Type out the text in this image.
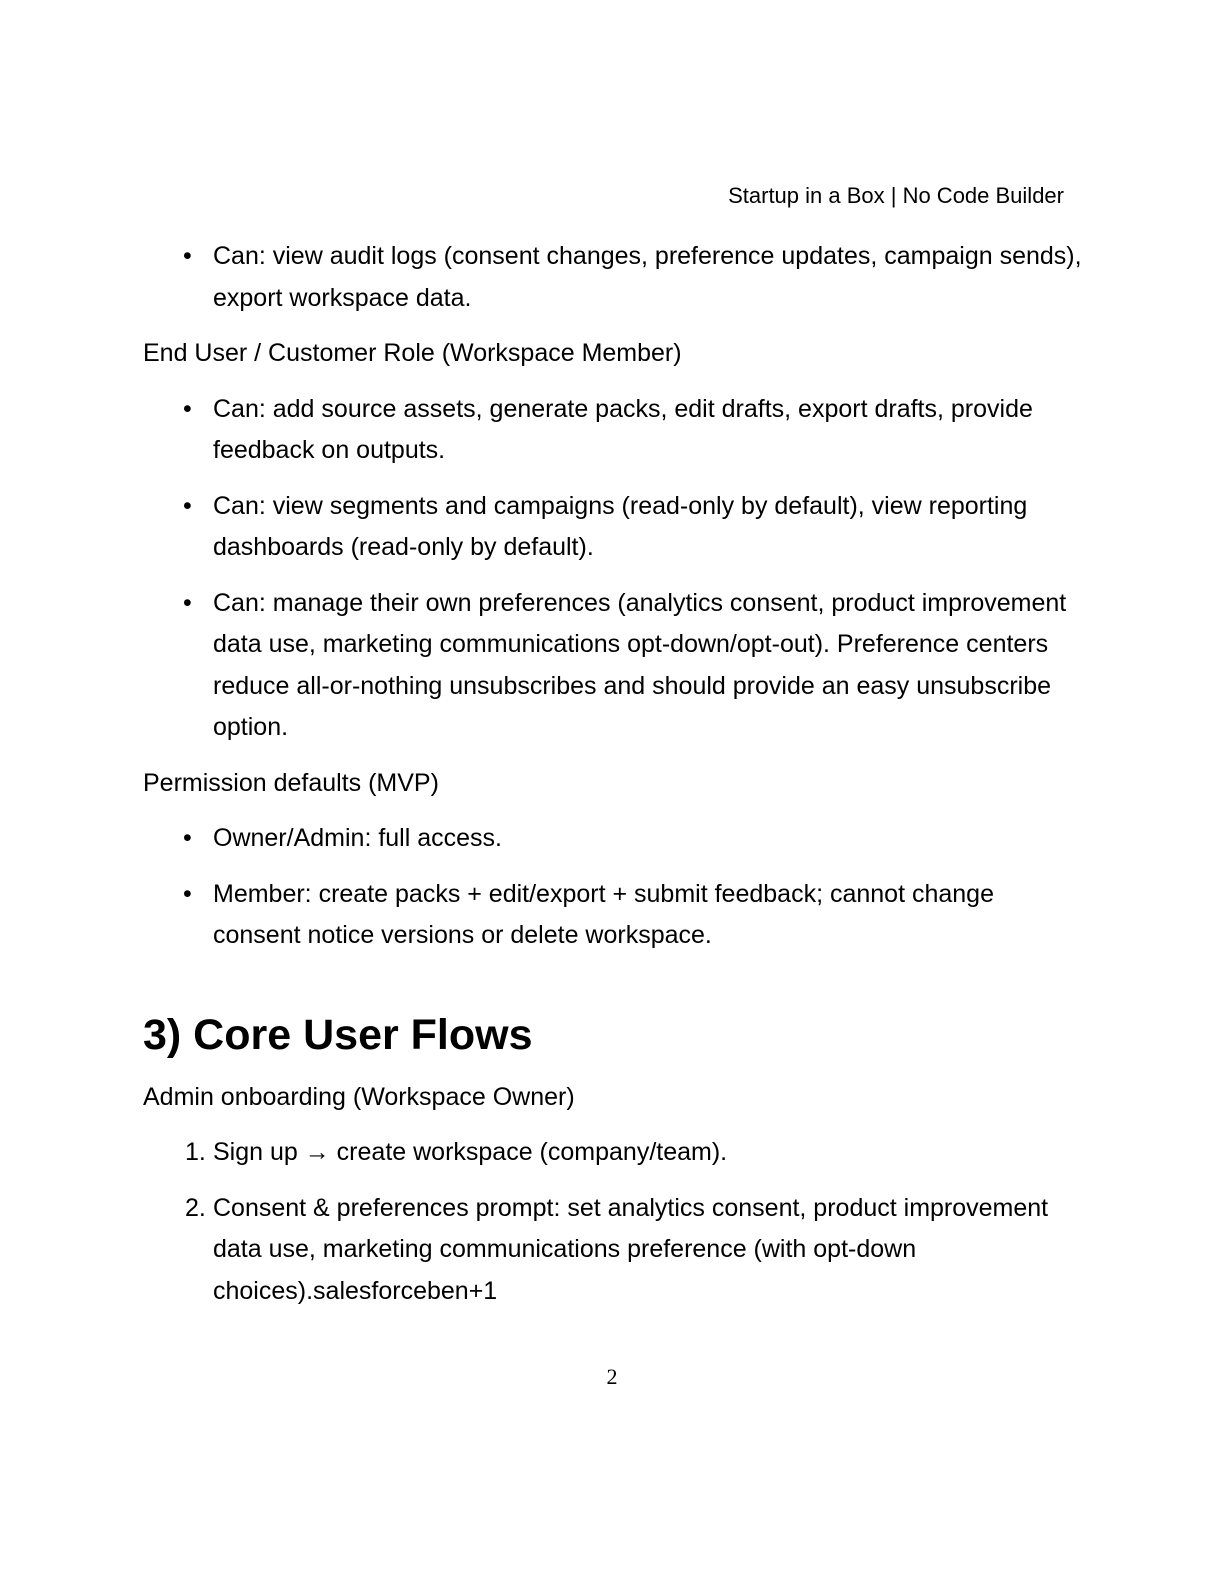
Startup in a Box | No Code Builder
• Can: view audit logs (consent changes, preference updates, campaign sends), export workspace data.
End User / Customer Role (Workspace Member)
• Can: add source assets, generate packs, edit drafts, export drafts, provide feedback on outputs.
• Can: view segments and campaigns (read-only by default), view reporting dashboards (read-only by default).
• Can: manage their own preferences (analytics consent, product improvement data use, marketing communications opt-down/opt-out). Preference centers reduce all-or-nothing unsubscribes and should provide an easy unsubscribe option.
Permission defaults (MVP)
• Owner/Admin: full access.
• Member: create packs + edit/export + submit feedback; cannot change consent notice versions or delete workspace.
3) Core User Flows
Admin onboarding (Workspace Owner)
1. Sign up → create workspace (company/team).
2. Consent & preferences prompt: set analytics consent, product improvement data use, marketing communications preference (with opt-down choices).salesforceben+1
2
